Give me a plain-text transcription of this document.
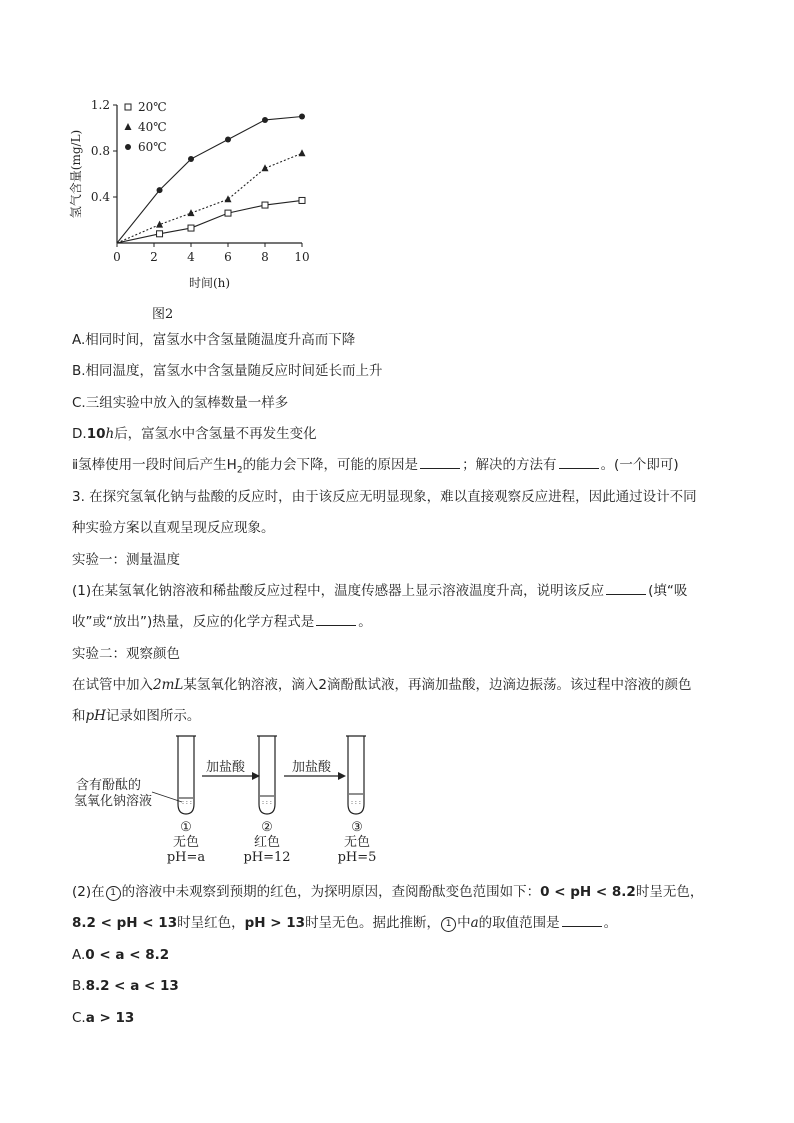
0 2 4 6 8 10
0.4
0.8
1.2
时间(h)
氢气含量(mg/L)
20℃
40℃
60℃
图2
A.相同时间，富氢水中含氢量随温度升高而下降
B.相同温度，富氢水中含氢量随反应时间延长而上升
C.三组实验中放入的氢棒数量一样多
D.10h后，富氢水中含氢量不再发生变化
ⅱ氢棒使用一段时间后产生$H_2$的能力会下降，可能的原因是	；解决的方法有	。(一个即可)
3. 在探究氢氧化钠与盐酸的反应时，由于该反应无明显现象，难以直接观察反应进程，因此通过设计不同
种实验方案以直观呈现反应现象。
实验一：测量温度
(1)在某氢氧化钠溶液和稀盐酸反应过程中，温度传感器上显示溶液温度升高，说明该反应	(填“吸
收”或“放出”)热量，反应的化学方程式是	。
实验二：观察颜色
在试管中加入2mL某氢氧化钠溶液，滴入2滴酚酞试液，再滴加盐酸，边滴边振荡。该过程中溶液的颜色
和pH记录如图所示。
: : :	: : :	: : :
含有酚酞的
氢氧化钠溶液
加盐酸	加盐酸
①
无色
pH=a
②
红色
pH=12
③
无色
pH=5
(2)在 1 的溶液中未观察到预期的红色，为探明原因，查阅酚酞变色范围如下：0 < pH < 8.2时呈无色，
8.2 < pH < 13时呈红色，pH > 13时呈无色。据此推断， 1 中a的取值范围是	。
A.0 < a < 8.2
B.8.2 < a < 13
C.a > 13
